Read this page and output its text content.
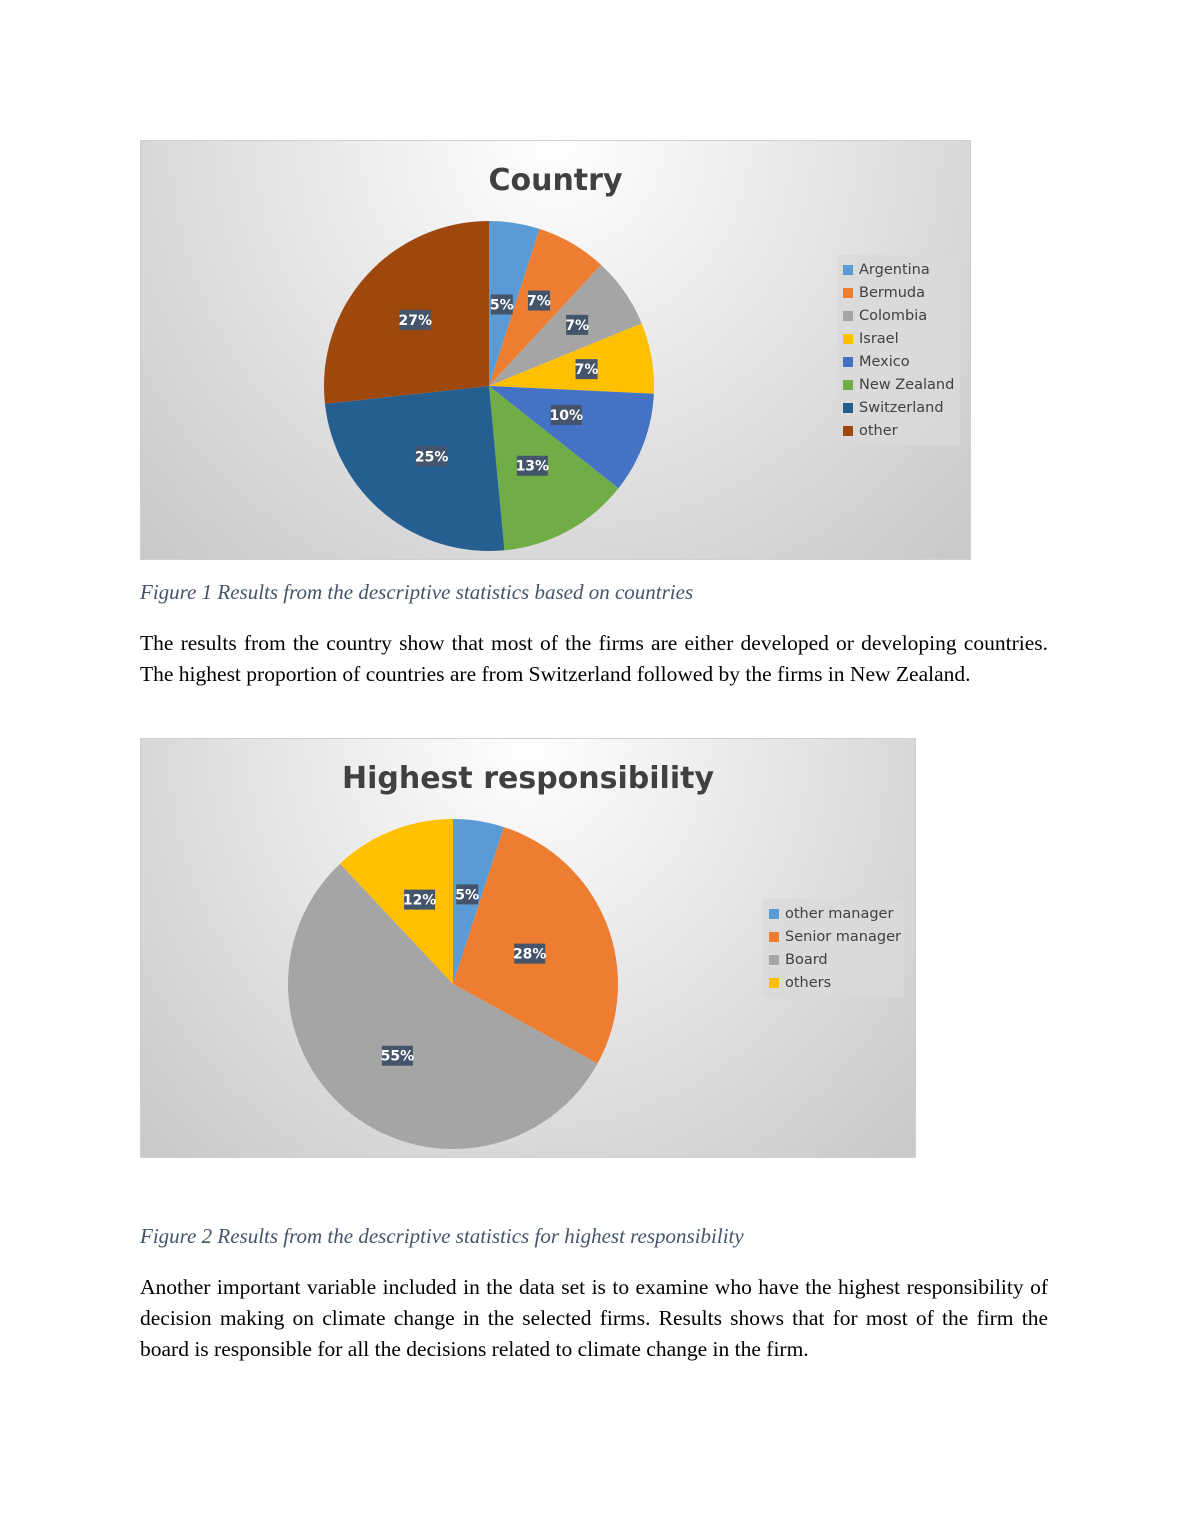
Country
5% 7%
7%
7%
10%
13%
25%
27%
Argentina
Bermuda
Colombia
Israel
Mexico
New Zealand
Switzerland
other
Figure 1 Results from the descriptive statistics based on countries

The results from the country show that most of the firms are either developed or developing countries. The highest proportion of countries are from Switzerland followed by the firms in New Zealand.

Highest responsibility
5%
28%
55%
12%
other manager
Senior manager
Board
others
Figure 2 Results from the descriptive statistics for highest responsibility

Another important variable included in the data set is to examine who have the highest responsibility of decision making on climate change in the selected firms. Results shows that for most of the firm the board is responsible for all the decisions related to climate change in the firm.
